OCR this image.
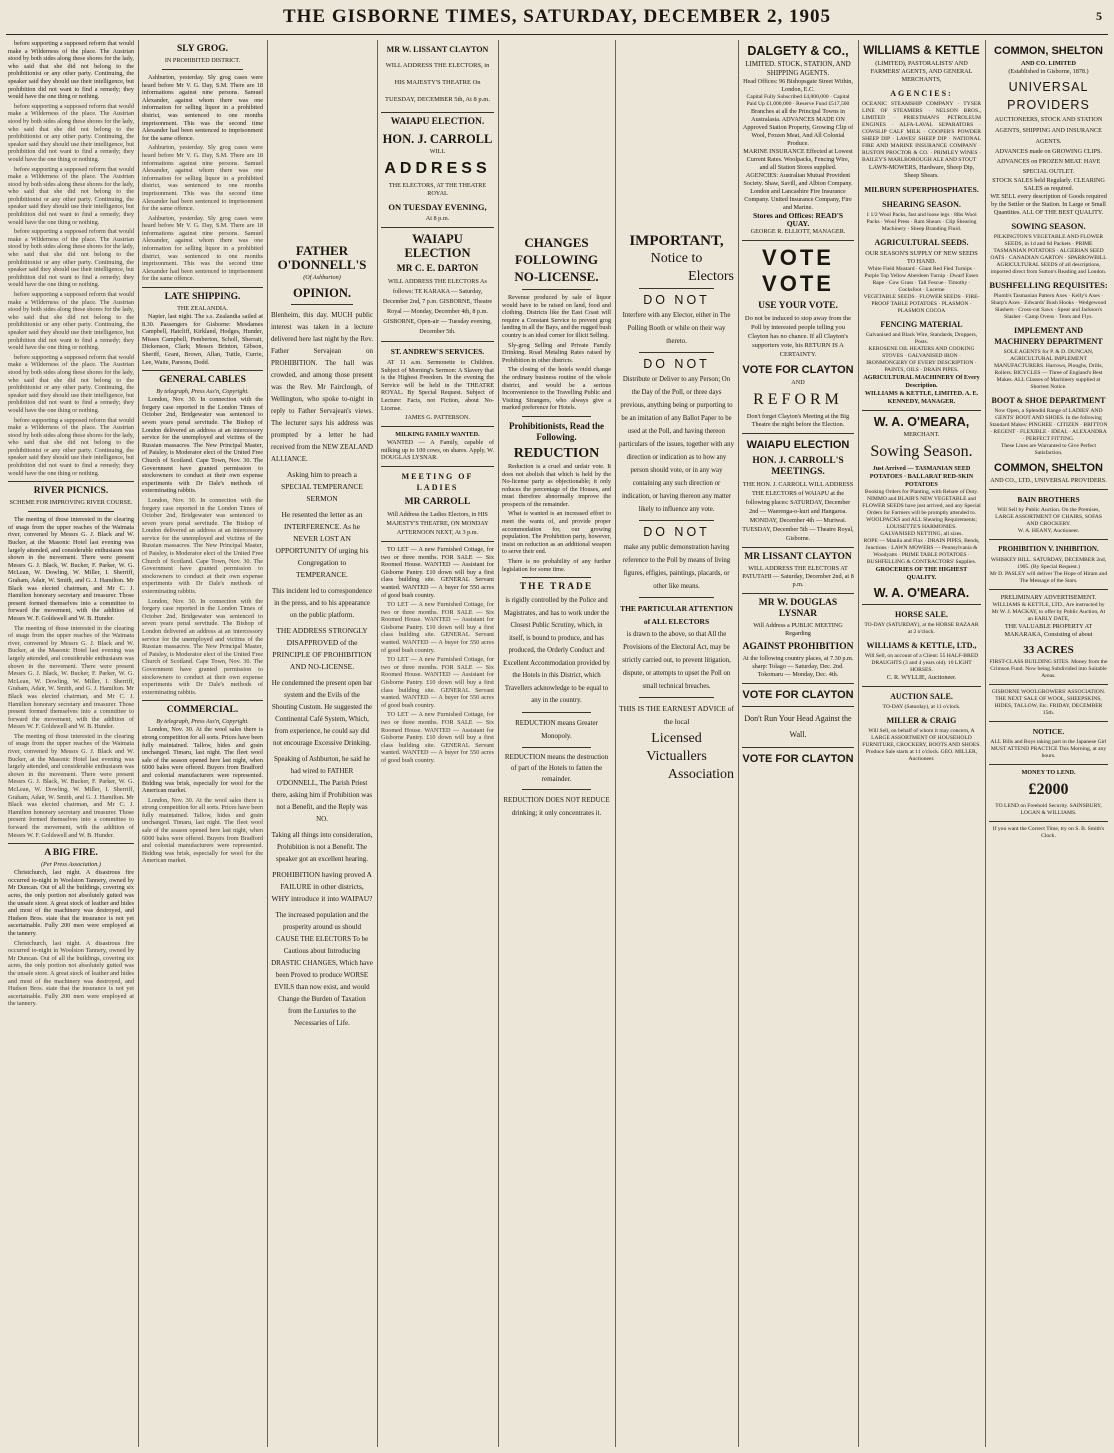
THE GISBORNE TIMES, SATURDAY, DECEMBER 2, 1905	5

before supporting a supposed reform that would make a Wilderness of the place. The Austrian stood by both sides along these shores for the lady, who said that she did not belong to the prohibitionist or any other party. Continuing, the speaker said they should use their intelligence, but prohibition did not want to find a remedy; they would have the one thing or nothing.

before supporting a supposed reform that would make a Wilderness of the place. The Austrian stood by both sides along these shores for the lady, who said that she did not belong to the prohibitionist or any other party. Continuing, the speaker said they should use their intelligence, but prohibition did not want to find a remedy; they would have the one thing or nothing.

before supporting a supposed reform that would make a Wilderness of the place. The Austrian stood by both sides along these shores for the lady, who said that she did not belong to the prohibitionist or any other party. Continuing, the speaker said they should use their intelligence, but prohibition did not want to find a remedy; they would have the one thing or nothing.

before supporting a supposed reform that would make a Wilderness of the place. The Austrian stood by both sides along these shores for the lady, who said that she did not belong to the prohibitionist or any other party. Continuing, the speaker said they should use their intelligence, but prohibition did not want to find a remedy; they would have the one thing or nothing.

before supporting a supposed reform that would make a Wilderness of the place. The Austrian stood by both sides along these shores for the lady, who said that she did not belong to the prohibitionist or any other party. Continuing, the speaker said they should use their intelligence, but prohibition did not want to find a remedy; they would have the one thing or nothing.

before supporting a supposed reform that would make a Wilderness of the place. The Austrian stood by both sides along these shores for the lady, who said that she did not belong to the prohibitionist or any other party. Continuing, the speaker said they should use their intelligence, but prohibition did not want to find a remedy; they would have the one thing or nothing.

before supporting a supposed reform that would make a Wilderness of the place. The Austrian stood by both sides along these shores for the lady, who said that she did not belong to the prohibitionist or any other party. Continuing, the speaker said they should use their intelligence, but prohibition did not want to find a remedy; they would have the one thing or nothing.

RIVER PICNICS.
SCHEME FOR IMPROVING RIVER COURSE.

The meeting of those interested in the clearing of snags from the upper reaches of the Waimata river, convened by Messrs G. J. Black and W. Bucker, at the Masonic Hotel last evening was largely attended, and considerable enthusiasm was shown in the movement. There were present Messrs G. J. Black, W. Bucker, F. Parker, W. G. McLean, W. Dowling, W. Miller, I. Sherriff, Graham, Adair, W. Smith, and G. J. Hamilton. Mr Black was elected chairman, and Mr C. J. Hamilton honorary secretary and treasurer. Those present formed themselves into a committee to forward the movement, with the addition of Messrs W. F. Goldswell and W. B. Hunder.

The meeting of those interested in the clearing of snags from the upper reaches of the Waimata river, convened by Messrs G. J. Black and W. Bucker, at the Masonic Hotel last evening was largely attended, and considerable enthusiasm was shown in the movement. There were present Messrs G. J. Black, W. Bucker, F. Parker, W. G. McLean, W. Dowling, W. Miller, I. Sherriff, Graham, Adair, W. Smith, and G. J. Hamilton. Mr Black was elected chairman, and Mr C. J. Hamilton honorary secretary and treasurer. Those present formed themselves into a committee to forward the movement, with the addition of Messrs W. F. Goldswell and W. B. Hunder.

The meeting of those interested in the clearing of snags from the upper reaches of the Waimata river, convened by Messrs G. J. Black and W. Bucker, at the Masonic Hotel last evening was largely attended, and considerable enthusiasm was shown in the movement. There were present Messrs G. J. Black, W. Bucker, F. Parker, W. G. McLean, W. Dowling, W. Miller, I. Sherriff, Graham, Adair, W. Smith, and G. J. Hamilton. Mr Black was elected chairman, and Mr C. J. Hamilton honorary secretary and treasurer. Those present formed themselves into a committee to forward the movement, with the addition of Messrs W. F. Goldswell and W. B. Hunder.

A BIG FIRE.
(Per Press Association.)

Christchurch, last night. A disastrous fire occurred to-night in Woolston Tannery, owned by Mr Duncan. Out of all the buildings, covering six acres, the only portion not absolutely gutted was the unsafe store. A great stock of leather and hides and most of the machinery was destroyed, and Hudson Bros. state that the insurance is not yet ascertainable. Fully 200 men were employed at the tannery.

Christchurch, last night. A disastrous fire occurred to-night in Woolston Tannery, owned by Mr Duncan. Out of all the buildings, covering six acres, the only portion not absolutely gutted was the unsafe store. A great stock of leather and hides and most of the machinery was destroyed, and Hudson Bros. state that the insurance is not yet ascertainable. Fully 200 men were employed at the tannery.

SLY GROG.
IN PROHIBITED DISTRICT.

Ashburton, yesterday. Sly grog cases were heard before Mr V. G. Day, S.M. There are 18 informations against nine persons. Samuel Alexander, against whom there was one information for selling liquor in a prohibited district, was sentenced to one months imprisonment. This was the second time Alexander had been sentenced to imprisonment for the same offence.

Ashburton, yesterday. Sly grog cases were heard before Mr V. G. Day, S.M. There are 18 informations against nine persons. Samuel Alexander, against whom there was one information for selling liquor in a prohibited district, was sentenced to one months imprisonment. This was the second time Alexander had been sentenced to imprisonment for the same offence.

Ashburton, yesterday. Sly grog cases were heard before Mr V. G. Day, S.M. There are 18 informations against nine persons. Samuel Alexander, against whom there was one information for selling liquor in a prohibited district, was sentenced to one months imprisonment. This was the second time Alexander had been sentenced to imprisonment for the same offence.

LATE SHIPPING.
THE ZEALANDIA.

Napier, last night. The s.s. Zealandia sailed at 8.30. Passengers for Gisborne: Mesdames Campbell, Hatcliff, Kirkland, Hodges, Hunder, Misses Campbell, Pemberton, Scholl, Sherratt, Dickenson, Clark; Messrs Brinton, Gibson, Sheriff, Grant, Brown, Allan, Tuttle, Currie, Lee, Waite, Parsons, Dodd.

GENERAL CABLES
By telegraph, Press Ass'n, Copyright.

London, Nov. 30. In connection with the forgery case reported in the London Times of October 2nd, Bridgewater was sentenced to seven years penal servitude. The Bishop of London delivered an address at an intercessory service for the unemployed and victims of the Russian massacres. The New Principal Master, of Paisley, is Moderator elect of the United Free Church of Scotland. Cape Town, Nov. 30. The Government have granted permission to stockowners to conduct at their own expense experiments with Dr Dale's methods of exterminating rabbits.

London, Nov. 30. In connection with the forgery case reported in the London Times of October 2nd, Bridgewater was sentenced to seven years penal servitude. The Bishop of London delivered an address at an intercessory service for the unemployed and victims of the Russian massacres. The New Principal Master, of Paisley, is Moderator elect of the United Free Church of Scotland. Cape Town, Nov. 30. The Government have granted permission to stockowners to conduct at their own expense experiments with Dr Dale's methods of exterminating rabbits.

London, Nov. 30. In connection with the forgery case reported in the London Times of October 2nd, Bridgewater was sentenced to seven years penal servitude. The Bishop of London delivered an address at an intercessory service for the unemployed and victims of the Russian massacres. The New Principal Master, of Paisley, is Moderator elect of the United Free Church of Scotland. Cape Town, Nov. 30. The Government have granted permission to stockowners to conduct at their own expense experiments with Dr Dale's methods of exterminating rabbits.

COMMERCIAL.
By telegraph, Press Ass'n, Copyright.

London, Nov. 30. At the wool sales there is strong competition for all sorts. Prices have been fully maintained. Tallow, hides and grain unchanged. Timaru, last night. The fleet wool sale of the season opened here last night, when 6000 bales were offered. Buyers from Bradford and colonial manufacturers were represented. Bidding was brisk, especially for wool for the American market.

London, Nov. 30. At the wool sales there is strong competition for all sorts. Prices have been fully maintained. Tallow, hides and grain unchanged. Timaru, last night. The fleet wool sale of the season opened here last night, when 6000 bales were offered. Buyers from Bradford and colonial manufacturers were represented. Bidding was brisk, especially for wool for the American market.

FATHER O'DONNELL'S
(Of Ashburton)
OPINION.
Blenheim, this day. MUCH public interest was taken in a lecture delivered here last night by the Rev. Father Servajean on PROHIBITION. The hall was crowded, and among those present was the Rev. Mr Fairclough, of Wellington, who spoke to-night in reply to Father Servajean's views. The lecturer says his address was prompted by a letter he had received from the NEW ZEALAND ALLIANCE.
Asking him to preach a SPECIAL TEMPERANCE SERMON
He resented the letter as an INTERFERENCE. As he NEVER LOST AN OPPORTUNITY Of urging his Congregation to TEMPERANCE.
This incident led to correspondence in the press, and to his appearance on the public platform.
THE ADDRESS STRONGLY DISAPPROVED of the PRINCIPLE OF PROHIBITION AND NO-LICENSE.
He condemned the present open bar system and the Evils of the Shouting Custom. He suggested the Continental Café System, Which, from experience, he could say did not encourage Excessive Drinking.
Speaking of Ashburton, he said he had wired to FATHER O'DONNELL, The Parish Priest there, asking him if Prohibition was not a Benefit, and the Reply was NO.
Taking all things into consideration, Prohibition is not a Benefit. The speaker got an excellent hearing.
PROHIBITION having proved A FAILURE in other districts, WHY introduce it into WAIPAU?
The increased population and the prosperity around us should CAUSE THE ELECTORS To be Cautious about Introducing DRASTIC CHANGES, Which have been Proved to produce WORSE EVILS than now exist, and would Change the Burden of Taxation from the Luxuries to the Necessaries of Life.
MR W. LISSANT CLAYTON
WILL ADDRESS THE ELECTORS, in HIS MAJESTY'S THEATRE On TUESDAY, DECEMBER 5th, At 8 p.m.
WAIAPU ELECTION.
HON. J. CARROLL
WILL
ADDRESS
THE ELECTORS, AT THE THEATRE ROYAL
ON TUESDAY EVENING,
At 8 p.m.
WAIAPU ELECTION
MR C. E. DARTON
WILL ADDRESS THE ELECTORS As follows: TE KARAKA — Saturday, December 2nd, 7 p.m. GISBORNE, Theatre Royal — Monday, December 4th, 8 p.m. GISBORNE, Open-air — Tuesday evening, December 5th.
ST. ANDREW'S SERVICES.

AT 11 a.m. Sermonette to Children. Subject of Morning's Sermon: A Slavery that is the Highest Freedom. In the evening the Service will be held in the THEATRE ROYAL. By Special Request. Subject of Lecture: Facts, not Fiction, about No-License.

JAMES G. PATTERSON.
MILKING FAMILY WANTED.

WANTED — A Family, capable of milking up to 100 cows, on shares. Apply, W. DOUGLAS LYSNAR.

MEETING OF LADIES
MR CARROLL
Will Address the Ladies Electors, in HIS MAJESTY'S THEATRE, ON MONDAY AFTERNOON NEXT, At 3 p.m.

TO LET — A new Furnished Cottage, for two or three months. FOR SALE — Six Roomed House. WANTED — Assistant for Gisborne Pantry. £10 down will buy a first class building site. GENERAL Servant wanted. WANTED — A buyer for 550 acres of good bush country.

TO LET — A new Furnished Cottage, for two or three months. FOR SALE — Six Roomed House. WANTED — Assistant for Gisborne Pantry. £10 down will buy a first class building site. GENERAL Servant wanted. WANTED — A buyer for 550 acres of good bush country.

TO LET — A new Furnished Cottage, for two or three months. FOR SALE — Six Roomed House. WANTED — Assistant for Gisborne Pantry. £10 down will buy a first class building site. GENERAL Servant wanted. WANTED — A buyer for 550 acres of good bush country.

TO LET — A new Furnished Cottage, for two or three months. FOR SALE — Six Roomed House. WANTED — Assistant for Gisborne Pantry. £10 down will buy a first class building site. GENERAL Servant wanted. WANTED — A buyer for 550 acres of good bush country.

CHANGES FOLLOWING NO-LICENSE.

Revenue produced by sale of liquor would have to be raised on land, food and clothing. Districts like the East Coast will require a Constant Service to prevent grog landing in all the Bays, and the rugged bush country is an ideal corner for illicit Selling.

Sly-grog Selling and Private Family Drinking. Road Metaling Rates raised by Prohibition in other districts.

The closing of the hotels would change the ordinary business routine of the whole district, and would be a serious Inconvenience to the Travelling Public and Visiting Strangers, who always give a marked preference for Hotels.

Prohibitionists, Read the Following.
REDUCTION

Reduction is a cruel and unfair vote. It does not abolish that which is held by the No-license party as objectionable; it only reduces the percentage of the Houses, and must therefore abnormally improve the prospects of the remainder.

What is wanted is an increased effort to meet the wants of, and provide proper accommodation for, our growing population. The Prohibition party, however, insist on reduction as an additional weapon to serve their end.

There is no probability of any further legislation for some time.

THE TRADE
is rigidly controlled by the Police and Magistrates, and has to work under the Closest Public Scrutiny, which, in itself, is bound to produce, and has produced, the Orderly Conduct and Excellent Accommodation provided by the Hotels in this District, which Travellers acknowledge to be equal to any in the country.
REDUCTION means Greater Monopoly.
REDUCTION means the destruction of part of the Hotels to fatten the remainder.
REDUCTION DOES NOT REDUCE drinking; it only concentrates it.
IMPORTANT,
Notice to
Electors
DO NOT
Interfere with any Elector, either in The Polling Booth or while on their way thereto.
DO NOT
Distribute or Deliver to any Person; On the Day of the Poll, or three days previous, anything being or purporting to be an imitation of any Ballot Paper to be used at the Poll, and having thereon particulars of the issues, together with any direction or indication as to how any person should vote, or in any way containing any such direction or indication, or having thereon any matter likely to influence any vote.
DO NOT
make any public demonstration having reference to the Poll by means of living figures, effigies, paintings, placards, or other like means.
THE PARTICULAR ATTENTION of ALL ELECTORS
is drawn to the above, so that All the Provisions of the Electoral Act, may be strictly carried out, to prevent litigation, dispute, or attempts to upset the Poll on small technical breaches.
THIS IS THE EARNEST ADVICE of the local
Licensed
Victuallers
Association
DALGETY & CO.,
LIMITED. STOCK, STATION, AND SHIPPING AGENTS.
Head Offices: 96 Bishopsgate Street Within, London, E.C.
Capital Fully Subscribed £4,000,000 · Capital Paid Up £1,000,000 · Reserve Fund £517,500
Branches at all the Principal Towns in Australasia. ADVANCES MADE ON Approved Station Property, Growing Clip of Wool, Frozen Meat, And All Colonial Produce.
MARINE INSURANCE Effected at Lowest Current Rates. Woolpacks, Fencing Wire, and all Station Stores supplied.
AGENCIES: Australian Mutual Provident Society. Shaw, Savill, and Albion Company. London and Lancashire Fire Insurance Company. United Insurance Company, Fire and Marine.
Stores and Offices: READ'S QUAY.
GEORGE R. ELLIOTT, MANAGER.
VOTE VOTE
USE YOUR VOTE.
Do not be induced to stop away from the Poll by interested people telling you Clayton has no chance. If all Clayton's supporters vote, his RETURN IS A CERTAINTY.
VOTE FOR CLAYTON
AND
REFORM
Don't forget Clayton's Meeting at the Big Theatre the night before the Election.
WAIAPU ELECTION
HON. J. CARROLL'S MEETINGS.
THE HON. J. CARROLL WILL ADDRESS THE ELECTORS of WAIAPU at the following places: SATURDAY, December 2nd — Waerenga-o-kuri and Hangaroa. MONDAY, December 4th — Muriwai. TUESDAY, December 5th — Theatre Royal, Gisborne.
MR LISSANT CLAYTON
WILL ADDRESS THE ELECTORS AT PATUTAHI — Saturday, December 2nd, at 8 p.m.
MR W. DOUGLAS LYSNAR
Will Address a PUBLIC MEETING Regarding
AGAINST PROHIBITION
At the following country places, at 7.30 p.m. sharp: Tolago — Saturday, Dec. 2nd. Tokomaru — Monday, Dec. 4th.
VOTE FOR CLAYTON
Don't Run Your Head Against the Wall.
VOTE FOR CLAYTON
WILLIAMS & KETTLE
(LIMITED), PASTORALISTS' AND FARMERS' AGENTS, AND GENERAL MERCHANTS,
AGENCIES:
OCEANIC STEAMSHIP COMPANY · TYSER LINE OF STEAMERS · NELSON BROS., LIMITED · PRIESTMAN'S PETROLEUM ENGINES · ALFA-LAVAL SEPARATORS · COWSLIP CALF MILK · COOPER'S POWDER SHEEP DIP · LAWES' SHEEP DIP · NATIONAL FIRE AND MARINE INSURANCE COMPANY · RUSTON PROCTOR & CO. · PRIMLEY WINES · BAILEY'S MARLBOROUGH ALE AND STOUT
LAWN-MOWERS, Hardware, Sheep Dip, Sheep Shears.
MILBURN SUPERPHOSPHATES.
SHEARING SEASON.
1 1/2 Wool Packs, fast and loose legs · 8lbs Wool Packs · Wool Press · Ram Shears · Clip Shearing Machinery · Sheep Branding Fluid.
AGRICULTURAL SEEDS.
OUR SEASON'S SUPPLY OF NEW SEEDS TO HAND.
White Field Mustard · Giant Red Fled Turnips · Purple Top Yellow Aberdeen Turnip · Dwarf Essex Rape · Cow Grass · Tall Fescue · Timothy · Cocksfoot · Lucerne
VEGETABLE SEEDS · FLOWER SEEDS · FIRE-PROOF TABLE POTATOES · PLASMON · PLASMON COCOA
FENCING MATERIAL
Galvanised and Black Wire, Standards, Droppers, Posts.
KEROSENE OIL HEATERS AND COOKING STOVES · GALVANISED IRON · IRONMONGERY OF EVERY DESCRIPTION · PAINTS, OILS · DRAIN PIPES.
AGRICULTURAL MACHINERY Of Every Description.
WILLIAMS & KETTLE, LIMITED. A. E. KENNEDY, MANAGER.
W. A. O'MEARA,
MERCHANT.
Sowing Season.
Just Arrived — TASMANIAN SEED POTATOES · BALLARAT RED-SKIN POTATOES
Booking Orders for Planting, with Rebate of Duty. NIMMO and BLAIR'S NEW VEGETABLE and FLOWER SEEDS have just arrived, and any Special Orders for Farmers will be promptly attended to.
WOOLPACKS and ALL Shearing Requirements; LOUISETTE'S HARMONIES.
GALVANISED NETTING, all sizes.
ROPE — Manila and Flax · DRAIN PIPES, Bends, Junctions · LAWN MOWERS — Pennsylvania & Woodyatts · PRIME TABLE POTATOES · BUSHFELLING & CONTRACTORS' Supplies.
GROCERIES OF THE HIGHEST QUALITY.
W. A. O'MEARA.
HORSE SALE.
TO-DAY (SATURDAY), at the HORSE BAZAAR at 2 o'clock.
WILLIAMS & KETTLE, LTD.,
Will Sell, on account of a Client: 55 HALF-BRED DRAUGHTS (3 and 4 years old). 10 LIGHT HORSES.
C. R. WYLLIE, Auctioneer.
AUCTION SALE.
TO-DAY (Saturday), at 11 o'clock.
MILLER & CRAIG
Will Sell, on behalf of whom it may concern, A LARGE ASSORTMENT OF HOUSEHOLD FURNITURE, CROCKERY, BOOTS AND SHOES.
Produce Sale starts at 11 o'clock. GEO. MILLER, Auctioneer.
COMMON, SHELTON
AND CO. LIMITED
(Established in Gisborne, 1878.)
UNIVERSAL
PROVIDERS
AUCTIONEERS, STOCK AND STATION AGENTS, SHIPPING AND INSURANCE AGENTS.
ADVANCES made on GROWING CLIPS. ADVANCES on FROZEN MEAT. HAVE SPECIAL OUTLET.
STOCK SALES held Regularly. CLEARING SALES as required.
WE SELL every description of Goods required by the Settler or the Station. In Large or Small Quantities. ALL OF THE BEST QUALITY.
SOWING SEASON.
PILKINGTON'S VEGETABLE AND FLOWER SEEDS, in 1d and 6d Packets · PRIME TASMANIAN POTATOES · ALGERIAN SEED OATS · CANADIAN GARTON · SPARROWBILL
AGRICULTURAL SEEDS of all descriptions, imported direct from Sutton's Reading and London.
BUSHFELLING REQUISITES:
Plumb's Tasmanian Pattern Axes · Kelly's Axes · Sharp's Axes · Edwards' Bush Hooks · Wedgewood Slashers · Cross-cut Saws · Spear and Jackson's Slasher · Camp Ovens · Tents and Flys.
IMPLEMENT AND MACHINERY DEPARTMENT
SOLE AGENTS for P. & D. DUNCAN, AGRICULTURAL IMPLEMENT MANUFACTURERS. Harrows, Ploughs, Drills, Rollers. BICYCLES — Three of England's Best Makes. ALL Classes of Machinery supplied at Shortest Notice.
BOOT & SHOE DEPARTMENT
Now Open, a Splendid Range of LADIES' AND GENTS' BOOT AND SHOES. In the following Standard Makes: PINGREE · CITIZEN · BRITTON · REGENT · FLEXIBLE · IDEAL · ALEXANDRA · PERFECT FITTING.
These Lines are Warranted to Give Perfect Satisfaction.
COMMON, SHELTON
AND CO., LTD., UNIVERSAL PROVIDERS.
BAIN BROTHERS
Will Sell by Public Auction. On the Premises, LARGE ASSORTMENT OF CHAIRS, SOFAS AND CROCKERY.
W. A. HEANY, Auctioneer.
PROHIBITION V. INHIBITION.
WHISKEY BILL. SATURDAY, DECEMBER 2nd, 1905. (By Special Request.)
Mr D. PASLEY will deliver The Hope of Hiram and The Message of the Stars.
PRELIMINARY ADVERTISEMENT.
WILLIAMS & KETTLE, LTD., Are instructed by Mr W. J. MACKAY, to offer by Public Auction, At an EARLY DATE,
THE VALUABLE PROPERTY AT MAKARAKA, Consisting of about
33 ACRES
FIRST-CLASS BUILDING SITES. Money from the Crimson Fund. Now being Subdivided into Suitable Areas.
GISBORNE WOOLGROWERS' ASSOCIATION. THE NEXT SALE OF WOOL, SHEEPSKINS, HIDES, TALLOW, Etc. FRIDAY, DECEMBER 15th.
NOTICE.
ALL Bills and Boys taking part in the Japanese Girl MUST ATTEND PRACTICE This Morning, at any hours.
MONEY TO LEND.
£2000
TO LEND on Freehold Security. SAINSBURY, LOGAN & WILLIAMS.
If you want the Correct Time, try on S. B. Smith's Clock.
